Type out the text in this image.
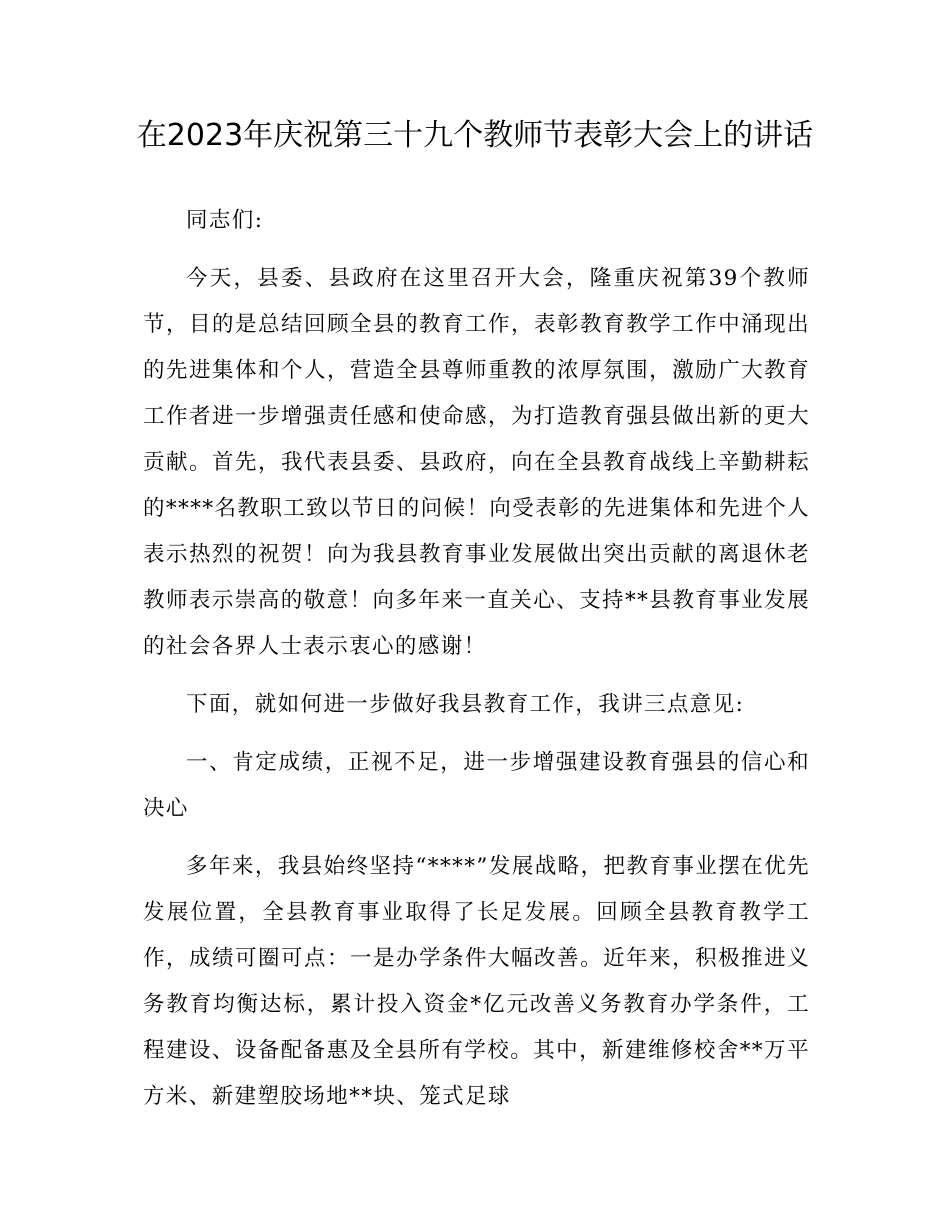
在2023年庆祝第三十九个教师节表彰大会上的讲话

同志们:

今天，县委、县政府在这里召开大会，隆重庆祝第39个教师节，目的是总结回顾全县的教育工作，表彰教育教学工作中涌现出的先进集体和个人，营造全县尊师重教的浓厚氛围，激励广大教育工作者进一步增强责任感和使命感，为打造教育强县做出新的更大贡献。首先，我代表县委、县政府，向在全县教育战线上辛勤耕耘的****名教职工致以节日的问候！向受表彰的先进集体和先进个人表示热烈的祝贺！向为我县教育事业发展做出突出贡献的离退休老教师表示崇高的敬意！向多年来一直关心、支持**县教育事业发展的社会各界人士表示衷心的感谢！

下面，就如何进一步做好我县教育工作，我讲三点意见:

一、肯定成绩，正视不足，进一步增强建设教育强县的信心和决心

多年来，我县始终坚持“****”发展战略，把教育事业摆在优先发展位置，全县教育事业取得了长足发展。回顾全县教育教学工作，成绩可圈可点：一是办学条件大幅改善。近年来，积极推进义务教育均衡达标，累计投入资金*亿元改善义务教育办学条件，工程建设、设备配备惠及全县所有学校。其中，新建维修校舍**万平方米、新建塑胶场地**块、笼式足球
